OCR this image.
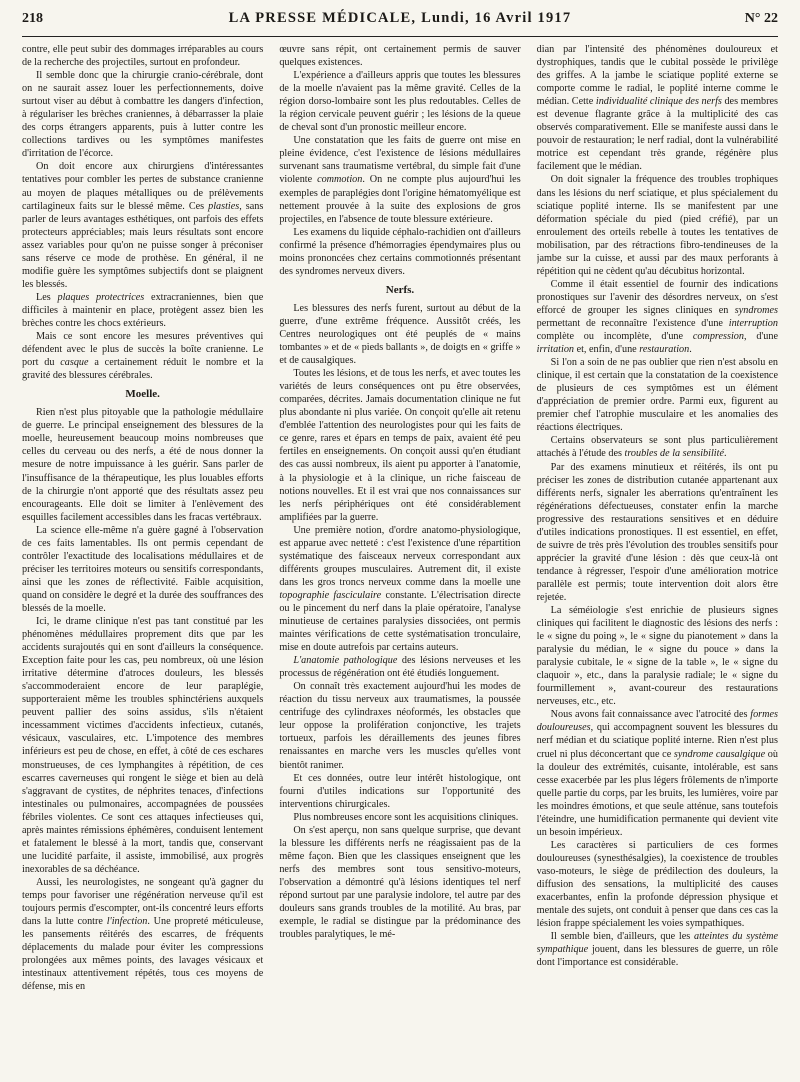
218	LA PRESSE MÉDICALE, Lundi, 16 Avril 1917	N° 22

contre, elle peut subir des dommages irréparables au cours de la recherche des projectiles, surtout en profondeur.

Il semble donc que la chirurgie cranio-cérébrale, dont on ne saurait assez louer les perfectionnements, doive surtout viser au début à combattre les dangers d'infection, à régulariser les brèches craniennes, à débarrasser la plaie des corps étrangers apparents, puis à lutter contre les collections tardives ou les symptômes manifestes d'irritation de l'écorce.

On doit encore aux chirurgiens d'intéressantes tentatives pour combler les pertes de substance cranienne au moyen de plaques métalliques ou de prélèvements cartilagineux faits sur le blessé même. Ces plasties, sans parler de leurs avantages esthétiques, ont parfois des effets protecteurs appréciables; mais leurs résultats sont encore assez variables pour qu'on ne puisse songer à préconiser sans réserve ce mode de prothèse. En général, il ne modifie guère les symptômes subjectifs dont se plaignent les blessés.

Les plaques protectrices extracraniennes, bien que difficiles à maintenir en place, protègent assez bien les brèches contre les chocs extérieurs.

Mais ce sont encore les mesures préventives qui défendent avec le plus de succès la boîte cranienne. Le port du casque a certainement réduit le nombre et la gravité des blessures cérébrales.

Moelle.

Rien n'est plus pitoyable que la pathologie médullaire de guerre. Le principal enseignement des blessures de la moelle, heureusement beaucoup moins nombreuses que celles du cerveau ou des nerfs, a été de nous donner la mesure de notre impuissance à les guérir. Sans parler de l'insuffisance de la thérapeutique, les plus louables efforts de la chirurgie n'ont apporté que des résultats assez peu encourageants. Elle doit se limiter à l'enlèvement des esquilles facilement accessibles dans les fracas vertébraux.

La science elle-même n'a guère gagné à l'observation de ces faits lamentables. Ils ont permis cependant de contrôler l'exactitude des localisations médullaires et de préciser les territoires moteurs ou sensitifs correspondants, ainsi que les zones de réflectivité. Faible acquisition, quand on considère le degré et la durée des souffrances des blessés de la moelle.

Ici, le drame clinique n'est pas tant constitué par les phénomènes médullaires proprement dits que par les accidents surajoutés qui en sont d'ailleurs la conséquence. Exception faite pour les cas, peu nombreux, où une lésion irritative détermine d'atroces douleurs, les blessés s'accommoderaient encore de leur paraplégie, supporteraient même les troubles sphinctériens auxquels peuvent pallier des soins assidus, s'ils n'étaient incessamment victimes d'accidents infectieux, cutanés, vésicaux, vasculaires, etc. L'impotence des membres inférieurs est peu de chose, en effet, à côté de ces eschares monstrueuses, de ces lymphangites à répétition, de ces escarres caverneuses qui rongent le siège et bien au delà s'aggravant de cystites, de néphrites tenaces, d'infections intestinales ou pulmonaires, accompagnées de poussées fébriles violentes. Ce sont ces attaques infectieuses qui, après maintes rémissions éphémères, conduisent lentement et fatalement le blessé à la mort, tandis que, conservant une lucidité parfaite, il assiste, immobilisé, aux progrès inexorables de sa déchéance.

Aussi, les neurologistes, ne songeant qu'à gagner du temps pour favoriser une régénération nerveuse qu'il est toujours permis d'escompter, ont-ils concentré leurs efforts dans la lutte contre l'infection. Une propreté méticuleuse, les pansements réitérés des escarres, de fréquents déplacements du malade pour éviter les compressions prolongées aux mêmes points, des lavages vésicaux et intestinaux attentivement répétés, tous ces moyens de défense, mis en

œuvre sans répit, ont certainement permis de sauver quelques existences.

L'expérience a d'ailleurs appris que toutes les blessures de la moelle n'avaient pas la même gravité. Celles de la région dorso-lombaire sont les plus redoutables. Celles de la région cervicale peuvent guérir ; les lésions de la queue de cheval sont d'un pronostic meilleur encore.

Une constatation que les faits de guerre ont mise en pleine évidence, c'est l'existence de lésions médullaires survenant sans traumatisme vertébral, du simple fait d'une violente commotion. On ne compte plus aujourd'hui les exemples de paraplégies dont l'origine hématomyélique est nettement prouvée à la suite des explosions de gros projectiles, en l'absence de toute blessure extérieure.

Les examens du liquide céphalo-rachidien ont d'ailleurs confirmé la présence d'hémorragies épendymaires plus ou moins prononcées chez certains commotionnés présentant des syndromes nerveux divers.

Nerfs.

Les blessures des nerfs furent, surtout au début de la guerre, d'une extrême fréquence. Aussitôt créés, les Centres neurologiques ont été peuplés de « mains tombantes » et de « pieds ballants », de doigts en « griffe » et de causalgiques.

Toutes les lésions, et de tous les nerfs, et avec toutes les variétés de leurs conséquences ont pu être observées, comparées, décrites. Jamais documentation clinique ne fut plus abondante ni plus variée. On conçoit qu'elle ait retenu d'emblée l'attention des neurologistes pour qui les faits de ce genre, rares et épars en temps de paix, avaient été peu fertiles en enseignements. On conçoit aussi qu'en étudiant des cas aussi nombreux, ils aient pu apporter à l'anatomie, à la physiologie et à la clinique, un riche faisceau de notions nouvelles. Et il est vrai que nos connaissances sur les nerfs périphériques ont été considérablement amplifiées par la guerre.

Une première notion, d'ordre anatomo-physiologique, est apparue avec netteté : c'est l'existence d'une répartition systématique des faisceaux nerveux correspondant aux différents groupes musculaires. Autrement dit, il existe dans les gros troncs nerveux comme dans la moelle une topographie fasciculaire constante. L'électrisation directe ou le pincement du nerf dans la plaie opératoire, l'analyse minutieuse de certaines paralysies dissociées, ont permis maintes vérifications de cette systématisation tronculaire, mise en doute autrefois par certains auteurs.

L'anatomie pathologique des lésions nerveuses et les processus de régénération ont été étudiés longuement.

On connaît très exactement aujourd'hui les modes de réaction du tissu nerveux aux traumatismes, la poussée centrifuge des cylindraxes néoformés, les obstacles que leur oppose la prolifération conjonctive, les trajets tortueux, parfois les déraillements des jeunes fibres renaissantes en marche vers les muscles qu'elles vont bientôt ranimer.

Et ces données, outre leur intérêt histologique, ont fourni d'utiles indications sur l'opportunité des interventions chirurgicales.

Plus nombreuses encore sont les acquisitions cliniques.

On s'est aperçu, non sans quelque surprise, que devant la blessure les différents nerfs ne réagissaient pas de la même façon. Bien que les classiques enseignent que les nerfs des membres sont tous sensitivo-moteurs, l'observation a démontré qu'à lésions identiques tel nerf répond surtout par une paralysie indolore, tel autre par des douleurs sans grands troubles de la motilité. Au bras, par exemple, le radial se distingue par la prédominance des troubles paralytiques, le mé-

dian par l'intensité des phénomènes douloureux et dystrophiques, tandis que le cubital possède le privilège des griffes. A la jambe le sciatique poplité externe se comporte comme le radial, le poplité interne comme le médian. Cette individualité clinique des nerfs des membres est devenue flagrante grâce à la multiplicité des cas observés comparativement. Elle se manifeste aussi dans le pouvoir de restauration; le nerf radial, dont la vulnérabilité motrice est cependant très grande, régénère plus facilement que le médian.

On doit signaler la fréquence des troubles trophiques dans les lésions du nerf sciatique, et plus spécialement du sciatique poplité interne. Ils se manifestent par une déformation spéciale du pied (pied créfié), par un enroulement des orteils rebelle à toutes les tentatives de mobilisation, par des rétractions fibro-tendineuses de la jambe sur la cuisse, et aussi par des maux perforants à répétition qui ne cèdent qu'au décubitus horizontal.

Comme il était essentiel de fournir des indications pronostiques sur l'avenir des désordres nerveux, on s'est efforcé de grouper les signes cliniques en syndromes permettant de reconnaître l'existence d'une interruption complète ou incomplète, d'une compression, d'une irritation et, enfin, d'une restauration.

Si l'on a soin de ne pas oublier que rien n'est absolu en clinique, il est certain que la constatation de la coexistence de plusieurs de ces symptômes est un élément d'appréciation de premier ordre. Parmi eux, figurent au premier chef l'atrophie musculaire et les anomalies des réactions électriques.

Certains observateurs se sont plus particulièrement attachés à l'étude des troubles de la sensibilité.

Par des examens minutieux et réitérés, ils ont pu préciser les zones de distribution cutanée appartenant aux différents nerfs, signaler les aberrations qu'entraînent les régénérations défectueuses, constater enfin la marche progressive des restaurations sensitives et en déduire d'utiles indications pronostiques. Il est essentiel, en effet, de suivre de très près l'évolution des troubles sensitifs pour apprécier la gravité d'une lésion : dès que ceux-là ont tendance à régresser, l'espoir d'une amélioration motrice parallèle est permis; toute intervention doit alors être rejetée.

La séméiologie s'est enrichie de plusieurs signes cliniques qui facilitent le diagnostic des lésions des nerfs : le « signe du poing », le « signe du pianotement » dans la paralysie du médian, le « signe du pouce » dans la paralysie cubitale, le « signe de la table », le « signe du claquoir », etc., dans la paralysie radiale; le « signe du fourmillement », avant-coureur des restaurations nerveuses, etc., etc.

Nous avons fait connaissance avec l'atrocité des formes douloureuses, qui accompagnent souvent les blessures du nerf médian et du sciatique poplité interne. Rien n'est plus cruel ni plus déconcertant que ce syndrome causalgique où la douleur des extrémités, cuisante, intolérable, est sans cesse exacerbée par les plus légers frôlements de n'importe quelle partie du corps, par les bruits, les lumières, voire par les moindres émotions, et que seule atténue, sans toutefois l'éteindre, une humidification permanente qui devient vite un besoin impérieux.

Les caractères si particuliers de ces formes douloureuses (synesthésalgies), la coexistence de troubles vaso-moteurs, le siège de prédilection des douleurs, la diffusion des sensations, la multiplicité des causes exacerbantes, enfin la profonde dépression physique et mentale des sujets, ont conduit à penser que dans ces cas la lésion frappe spécialement les voies sympathiques.

Il semble bien, d'ailleurs, que les atteintes du système sympathique jouent, dans les blessures de guerre, un rôle dont l'importance est considérable.
